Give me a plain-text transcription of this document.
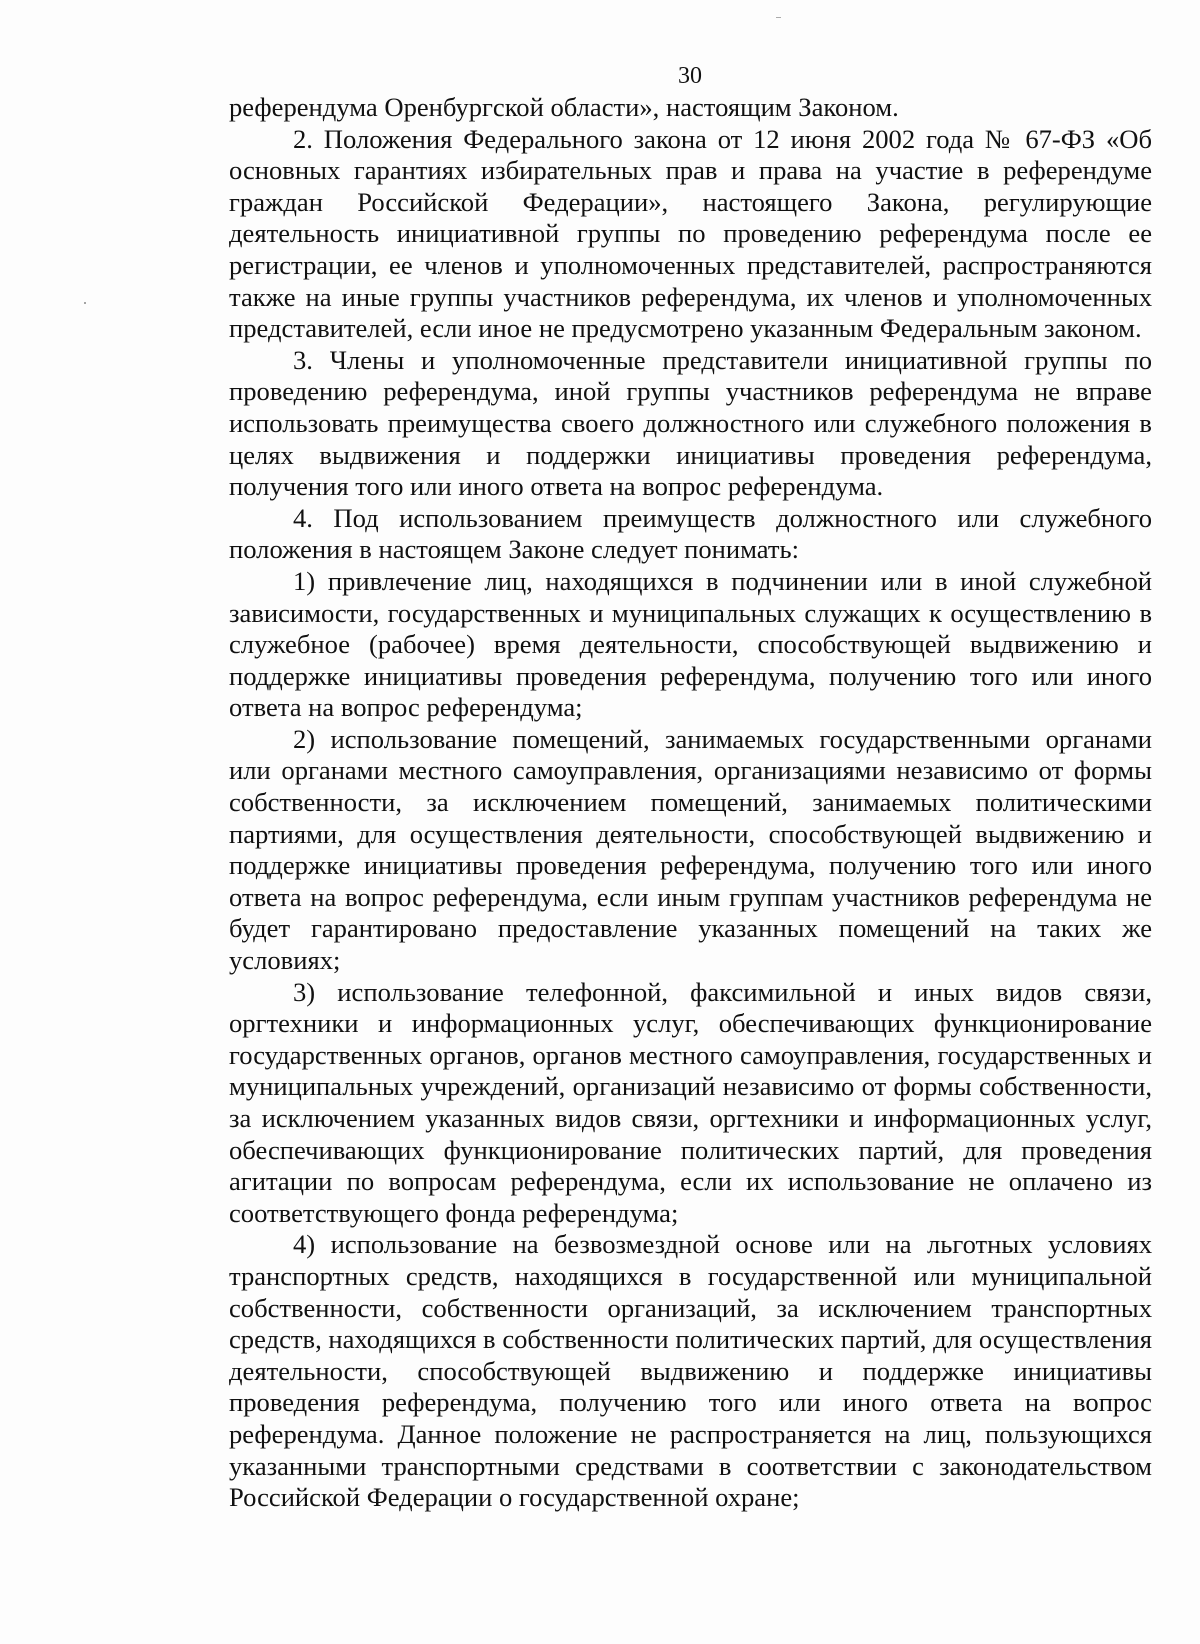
30

референдума Оренбургской области», настоящим Законом.

2. Положения Федерального закона от 12 июня 2002 года № 67-ФЗ «Об основных гарантиях избирательных прав и права на участие в референдуме граждан Российской Федерации», настоящего Закона, регулирующие деятельность инициативной группы по проведению референдума после ее регистрации, ее членов и уполномоченных представителей, распространяются также на иные группы участников референдума, их членов и уполномоченных представителей, если иное не предусмотрено указанным Федеральным законом.

3. Члены и уполномоченные представители инициативной группы по проведению референдума, иной группы участников референдума не вправе использовать преимущества своего должностного или служебного положения в целях выдвижения и поддержки инициативы проведения референдума, получения того или иного ответа на вопрос референдума.

4. Под использованием преимуществ должностного или служебного положения в настоящем Законе следует понимать:

1) привлечение лиц, находящихся в подчинении или в иной служебной зависимости, государственных и муниципальных служащих к осуществлению в служебное (рабочее) время деятельности, способствующей выдвижению и поддержке инициативы проведения референдума, получению того или иного ответа на вопрос референдума;

2) использование помещений, занимаемых государственными органами или органами местного самоуправления, организациями независимо от формы собственности, за исключением помещений, занимаемых политическими партиями, для осуществления деятельности, способствующей выдвижению и поддержке инициативы проведения референдума, получению того или иного ответа на вопрос референдума, если иным группам участников референдума не будет гарантировано предоставление указанных помещений на таких же условиях;

3) использование телефонной, факсимильной и иных видов связи, оргтехники и информационных услуг, обеспечивающих функционирование государственных органов, органов местного самоуправления, государственных и муниципальных учреждений, организаций независимо от формы собственности, за исключением указанных видов связи, оргтехники и информационных услуг, обеспечивающих функционирование политических партий, для проведения агитации по вопросам референдума, если их использование не оплачено из соответствующего фонда референдума;

4) использование на безвозмездной основе или на льготных условиях транспортных средств, находящихся в государственной или муниципальной собственности, собственности организаций, за исключением транспортных средств, находящихся в собственности политических партий, для осуществления деятельности, способствующей выдвижению и поддержке инициативы проведения референдума, получению того или иного ответа на вопрос референдума. Данное положение не распространяется на лиц, пользующихся указанными транспортными средствами в соответствии с законодательством Российской Федерации о государственной охране;
